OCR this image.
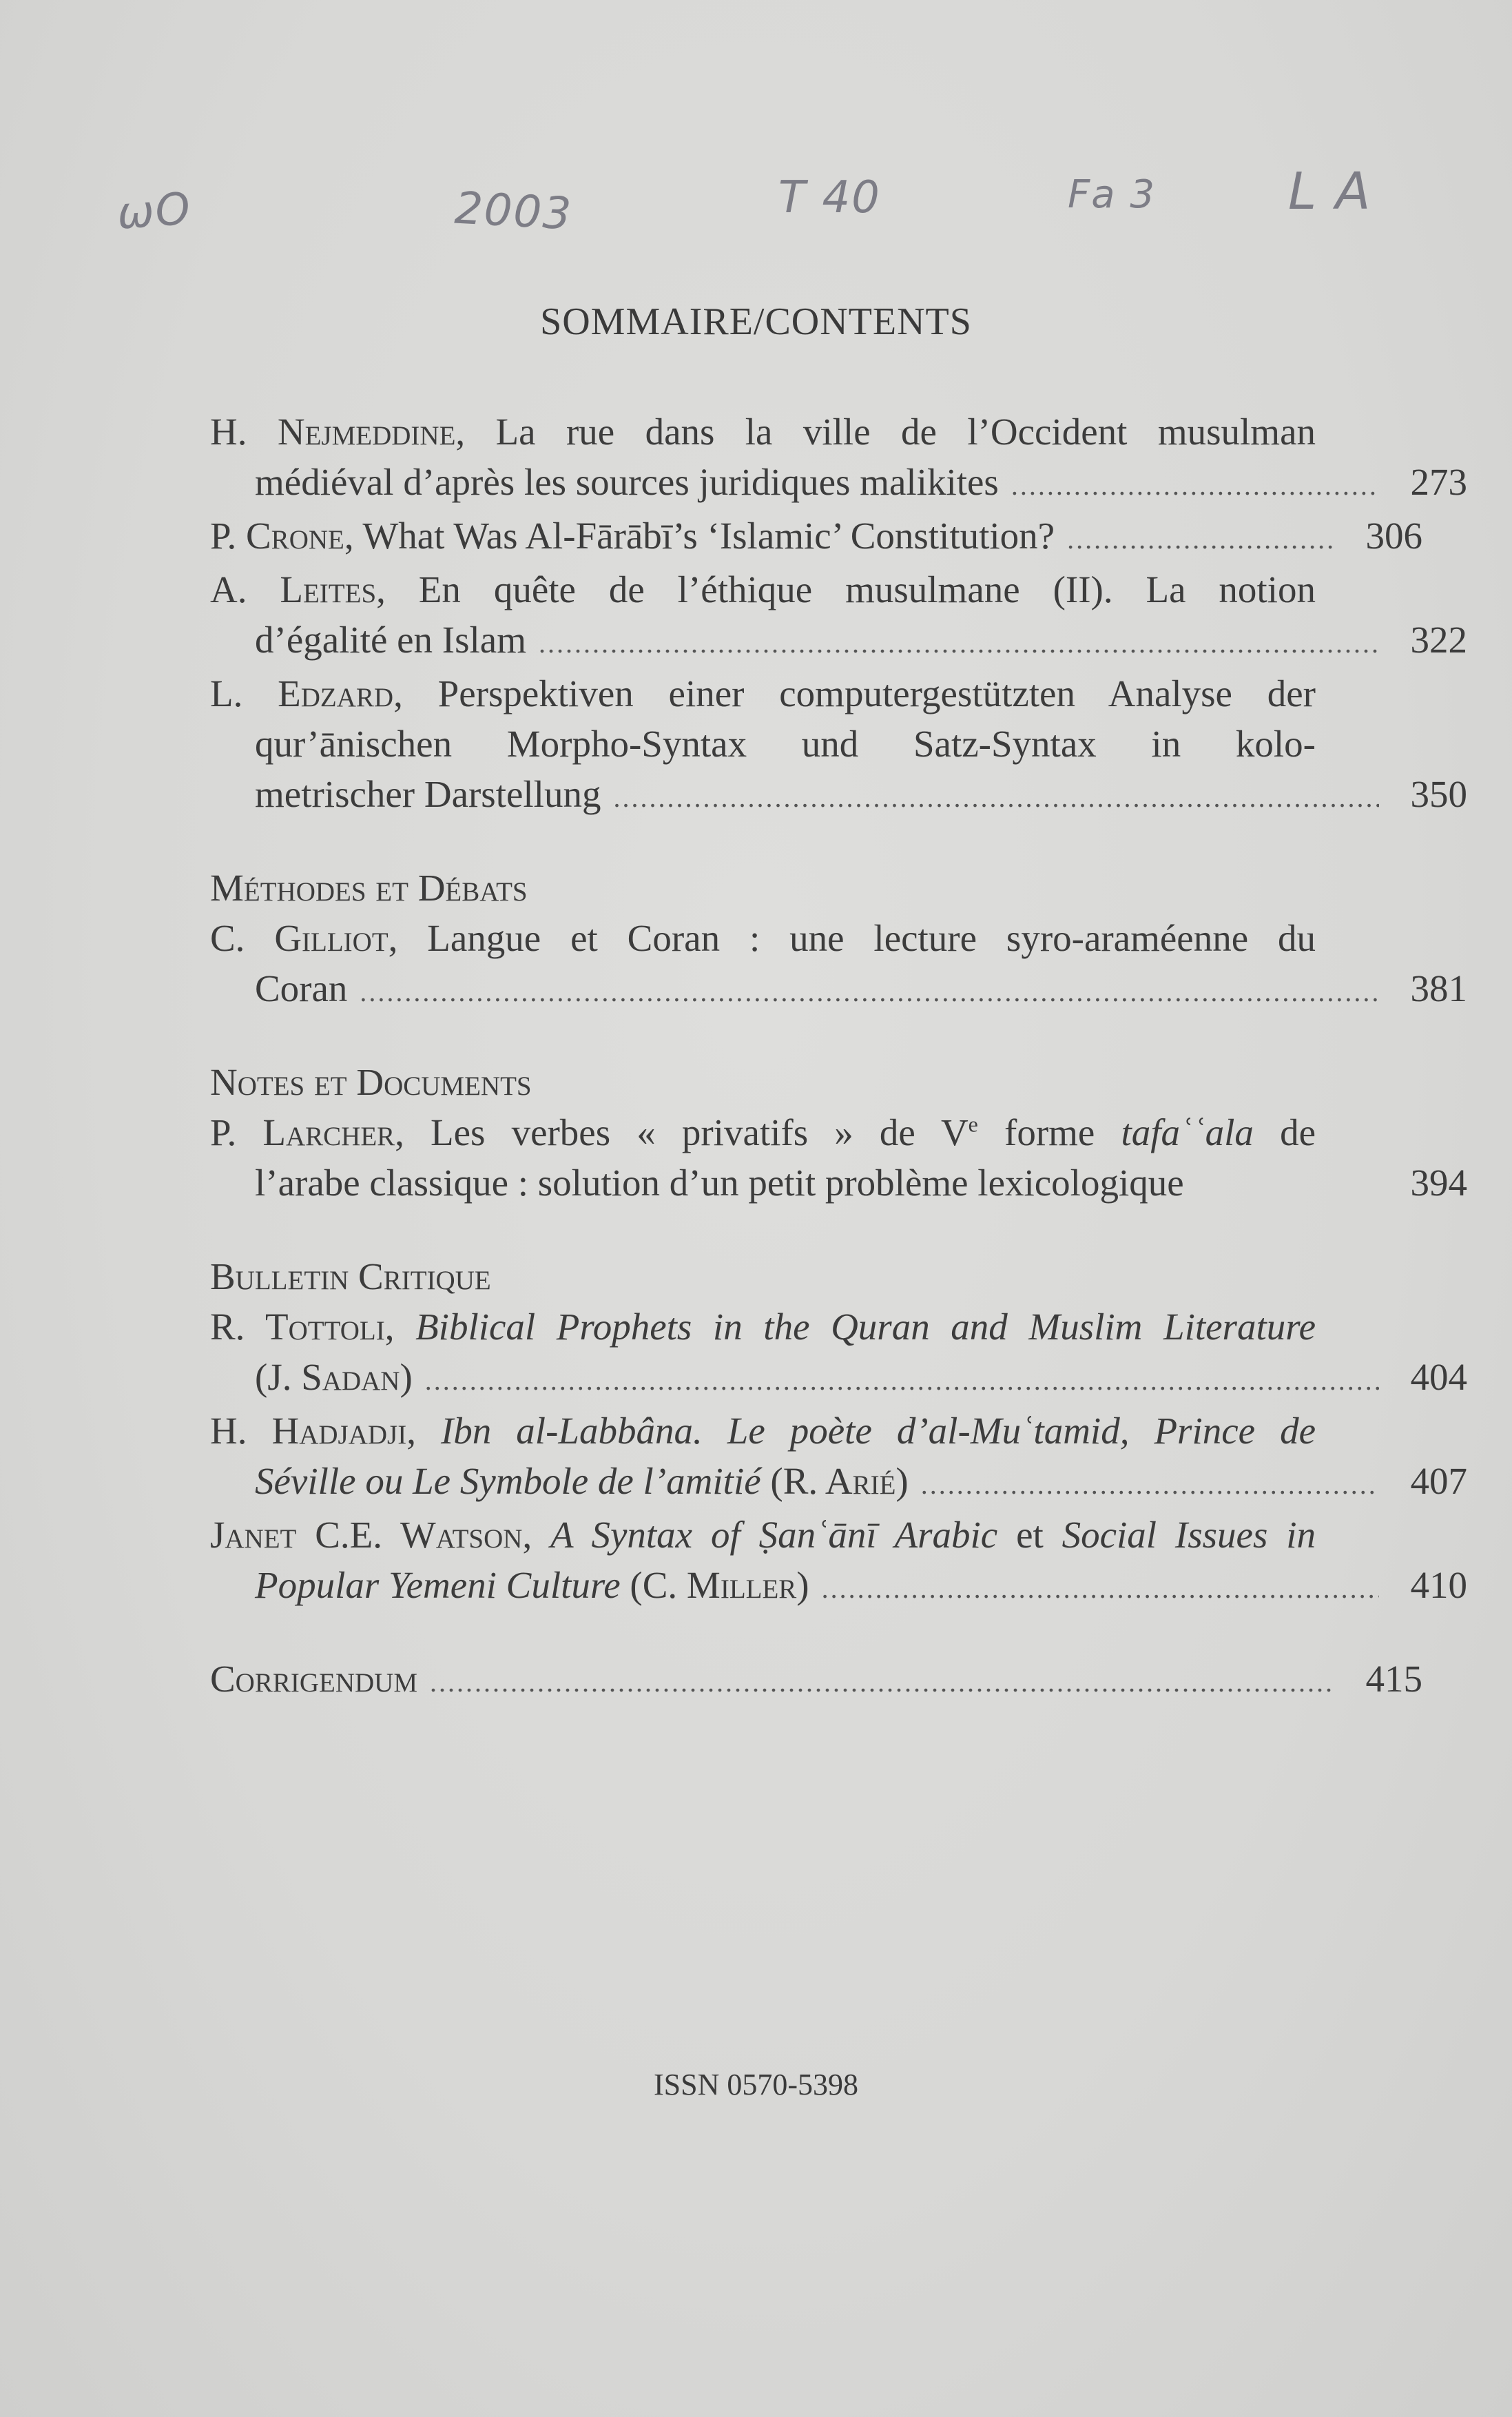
ωΟ	2003	T 40	Fa 3	L A
SOMMAIRE/CONTENTS
H. Nejmeddine, La rue dans la ville de l’Occident musulman
médiéval d’après les sources juridiques malikites .....	273
P. Crone, What Was Al-Fārābī’s ‘Islamic’ Constitution? .....	306
A. Leites, En quête de l’éthique musulmane (II). La notion
d’égalité en Islam .....	322
L. Edzard, Perspektiven einer computergestützten Analyse der
qur’ānischen Morpho-Syntax und Satz-Syntax in kolo-
metrischer Darstellung .....	350
Méthodes et Débats
C. Gilliot, Langue et Coran : une lecture syro-araméenne du
Coran .....	381
Notes et Documents
P. Larcher, Les verbes « privatifs » de Ve forme tafaʿʿala de
l’arabe classique : solution d’un petit problème lexicologique	394
Bulletin Critique
R. Tottoli, Biblical Prophets in the Quran and Muslim Literature
(J. Sadan) .....	404
H. Hadjadji, Ibn al-Labbâna. Le poète d’al-Muʿtamid, Prince de
Séville ou Le Symbole de l’amitié (R. Arié) .....	407
Janet C.E. Watson, A Syntax of Ṣanʿānī Arabic et Social Issues in
Popular Yemeni Culture (C. Miller) .....	410
Corrigendum .....	415
ISSN 0570-5398
